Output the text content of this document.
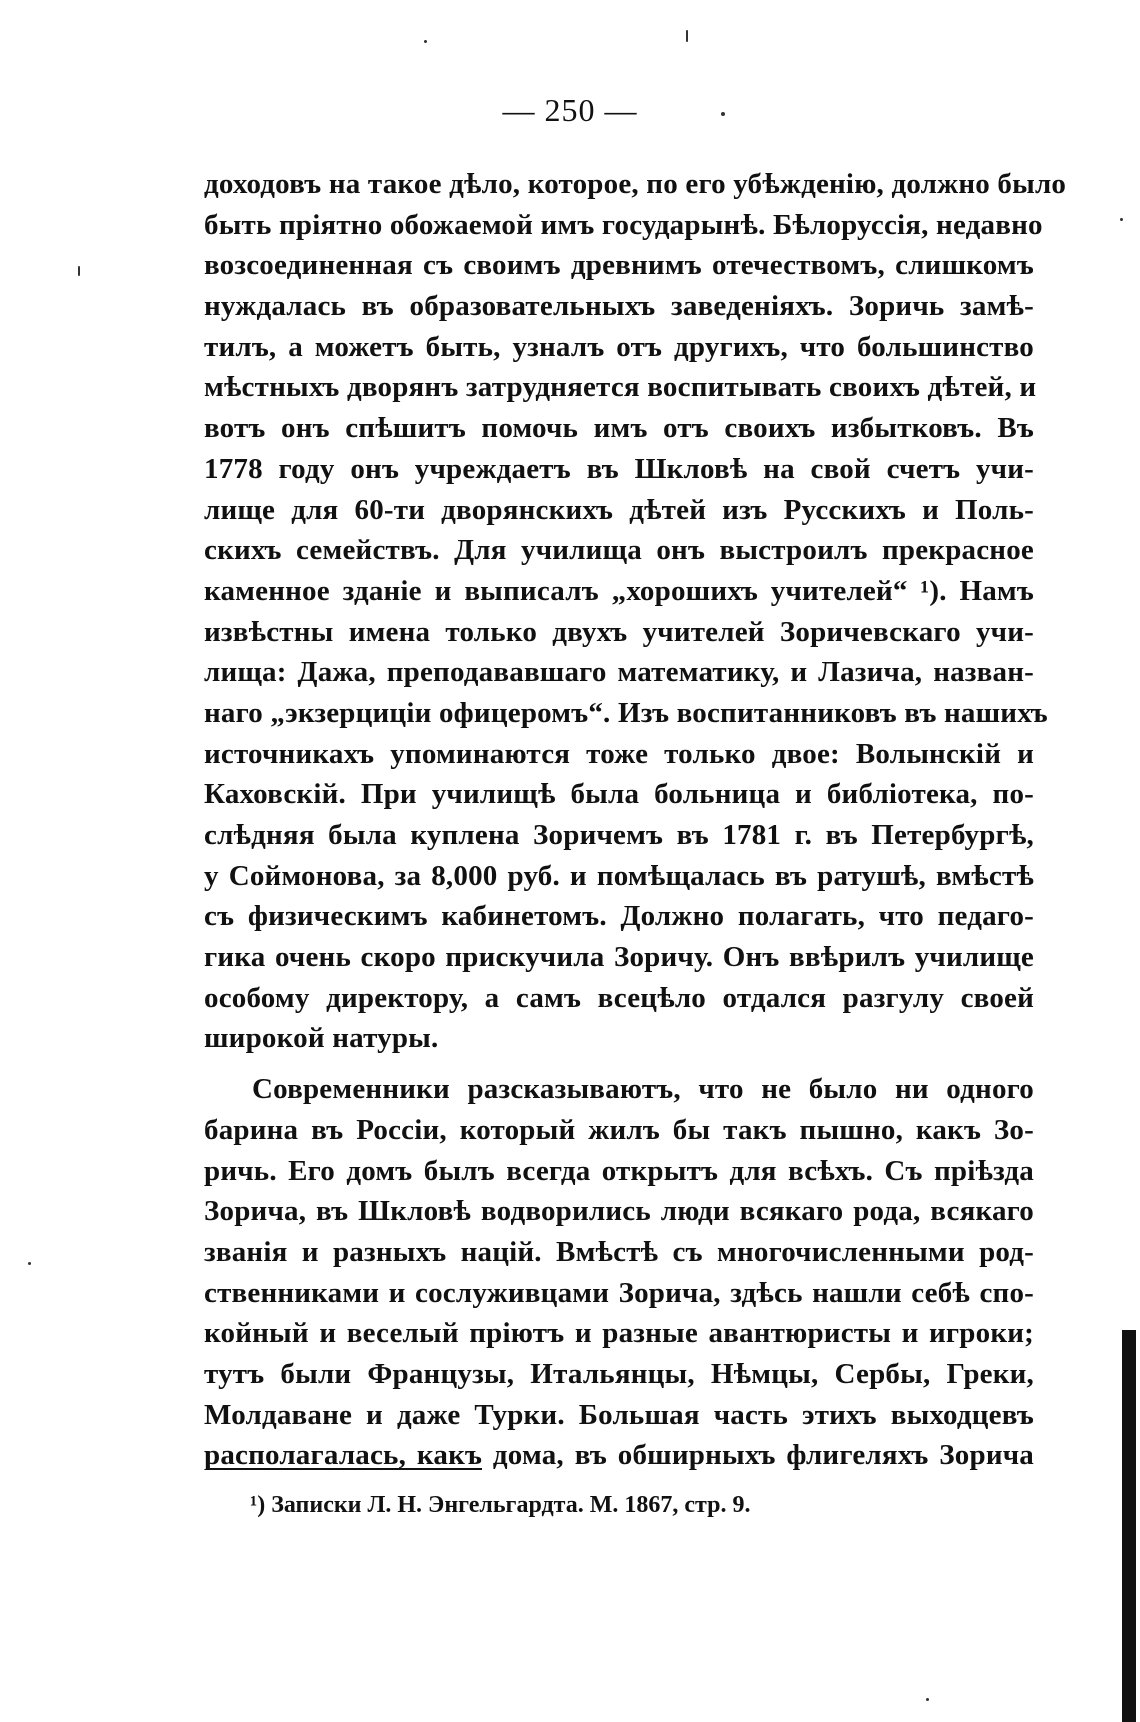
— 250 —
доходовъ на такое дѣло, которое, по его убѣжденію, должно было
быть пріятно обожаемой имъ государынѣ. Бѣлоруссія, недавно
возсоединенная съ своимъ древнимъ отечествомъ, слишкомъ
нуждалась въ образовательныхъ заведеніяхъ. Зоричь замѣ-
тилъ, а можетъ быть, узналъ отъ другихъ, что большинство
мѣстныхъ дворянъ затрудняется воспитывать своихъ дѣтей, и
вотъ онъ спѣшитъ помочь имъ отъ своихъ избытковъ. Въ
1778 году онъ учреждаетъ въ Шкловѣ на свой счетъ учи-
лище для 60-ти дворянскихъ дѣтей изъ Русскихъ и Поль-
скихъ семействъ. Для училища онъ выстроилъ прекрасное
каменное зданіе и выписалъ „хорошихъ учителей“ ¹). Намъ
извѣстны имена только двухъ учителей Зоричевскаго учи-
лища: Дажа, преподававшаго математику, и Лазича, назван-
наго „экзерциціи офицеромъ“. Изъ воспитанниковъ въ нашихъ
источникахъ упоминаются тоже только двое: Волынскій и
Каховскій. При училищѣ была больница и библіотека, по-
слѣдняя была куплена Зоричемъ въ 1781 г. въ Петербургѣ,
у Соймонова, за 8,000 руб. и помѣщалась въ ратушѣ, вмѣстѣ
съ физическимъ кабинетомъ. Должно полагать, что педаго-
гика очень скоро прискучила Зоричу. Онъ ввѣрилъ училище
особому директору, а самъ всецѣло отдался разгулу своей
широкой натуры.
Современники разсказываютъ, что не было ни одного
барина въ Россіи, который жилъ бы такъ пышно, какъ Зо-
ричь. Его домъ былъ всегда открытъ для всѣхъ. Съ пріѣзда
Зорича, въ Шкловѣ водворились люди всякаго рода, всякаго
званія и разныхъ націй. Вмѣстѣ съ многочисленными род-
ственниками и сослуживцами Зорича, здѣсь нашли себѣ спо-
койный и веселый пріютъ и разные авантюристы и игроки;
тутъ были Французы, Итальянцы, Нѣмцы, Сербы, Греки,
Молдаване и даже Турки. Большая часть этихъ выходцевъ
располагалась, какъ дома, въ обширныхъ флигеляхъ Зорича
¹) Записки Л. Н. Энгельгардта. М. 1867, стр. 9.
